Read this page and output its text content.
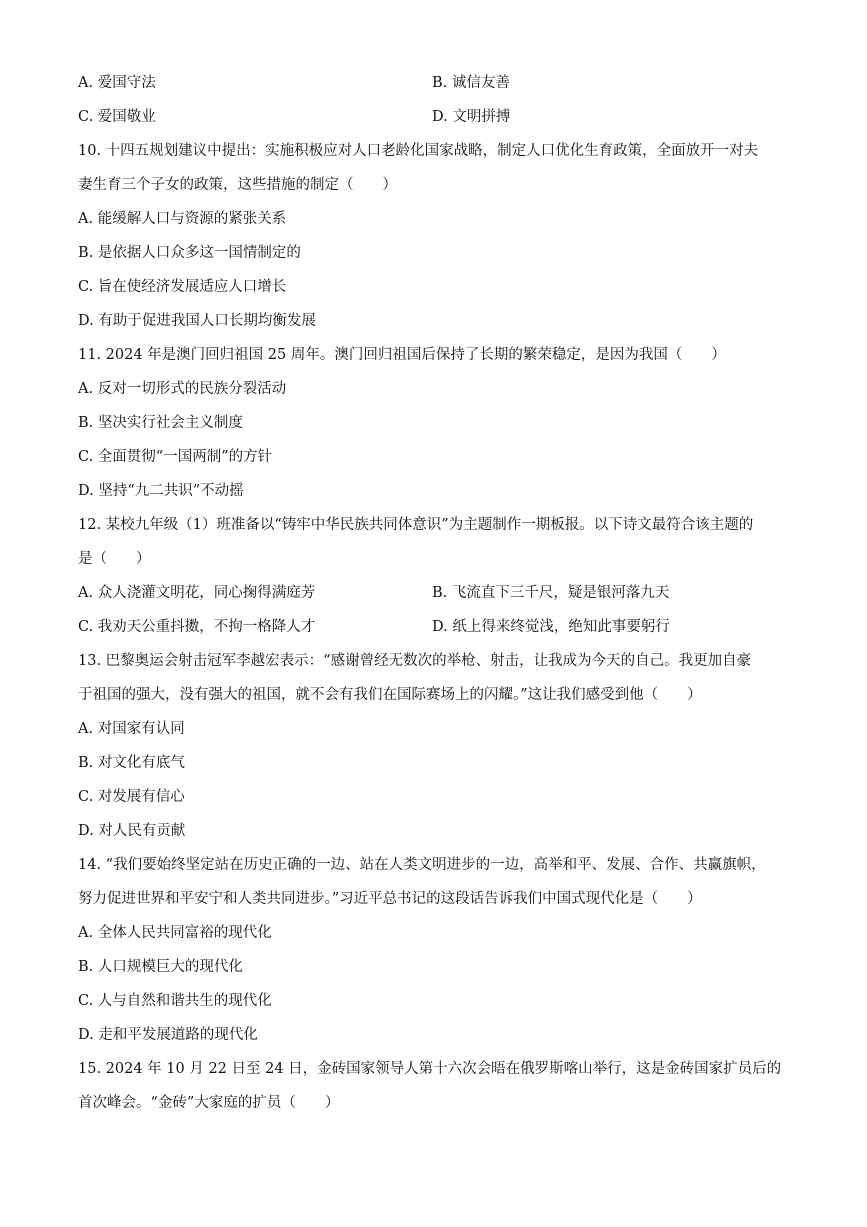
A. 爱国守法	B. 诚信友善
C. 爱国敬业	D. 文明拼搏
10. 十四五规划建议中提出：实施积极应对人口老龄化国家战略，制定人口优化生育政策，全面放开一对夫
妻生育三个子女的政策，这些措施的制定（　　）
A. 能缓解人口与资源的紧张关系
B. 是依据人口众多这一国情制定的
C. 旨在使经济发展适应人口增长
D. 有助于促进我国人口长期均衡发展
11. 2024 年是澳门回归祖国 25 周年。澳门回归祖国后保持了长期的繁荣稳定，是因为我国（　　）
A. 反对一切形式的民族分裂活动
B. 坚决实行社会主义制度
C. 全面贯彻“一国两制”的方针
D. 坚持“九二共识”不动摇
12. 某校九年级（1）班准备以“铸牢中华民族共同体意识”为主题制作一期板报。以下诗文最符合该主题的
是（　　）
A. 众人浇灌文明花，同心掬得满庭芳	B. 飞流直下三千尺，疑是银河落九天
C. 我劝天公重抖擞，不拘一格降人才	D. 纸上得来终觉浅，绝知此事要躬行
13. 巴黎奥运会射击冠军李越宏表示：“感谢曾经无数次的举枪、射击，让我成为今天的自己。我更加自豪
于祖国的强大，没有强大的祖国，就不会有我们在国际赛场上的闪耀。”这让我们感受到他（　　）
A. 对国家有认同
B. 对文化有底气
C. 对发展有信心
D. 对人民有贡献
14. “我们要始终坚定站在历史正确的一边、站在人类文明进步的一边，高举和平、发展、合作、共赢旗帜，
努力促进世界和平安宁和人类共同进步。”习近平总书记的这段话告诉我们中国式现代化是（　　）
A. 全体人民共同富裕的现代化
B. 人口规模巨大的现代化
C. 人与自然和谐共生的现代化
D. 走和平发展道路的现代化
15. 2024 年 10 月 22 日至 24 日，金砖国家领导人第十六次会晤在俄罗斯喀山举行，这是金砖国家扩员后的
首次峰会。“金砖”大家庭的扩员（　　）
